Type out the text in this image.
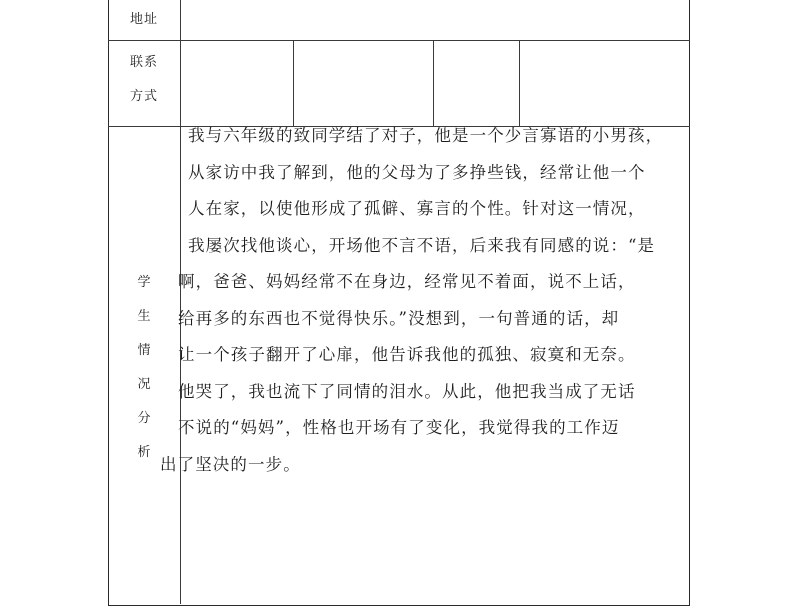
地址
联系
方式
学
生
情
况
分
析
我与六年级的致同学结了对子，他是一个少言寡语的小男孩，
从家访中我了解到，他的父母为了多挣些钱，经常让他一个
人在家，以使他形成了孤僻、寡言的个性。针对这一情况，
我屡次找他谈心，开场他不言不语，后来我有同感的说：“是
啊，爸爸、妈妈经常不在身边，经常见不着面，说不上话，
给再多的东西也不觉得快乐。”没想到，一句普通的话，却
让一个孩子翻开了心扉，他告诉我他的孤独、寂寞和无奈。
他哭了，我也流下了同情的泪水。从此，他把我当成了无话
不说的“妈妈”，性格也开场有了变化，我觉得我的工作迈
出了坚决的一步。
